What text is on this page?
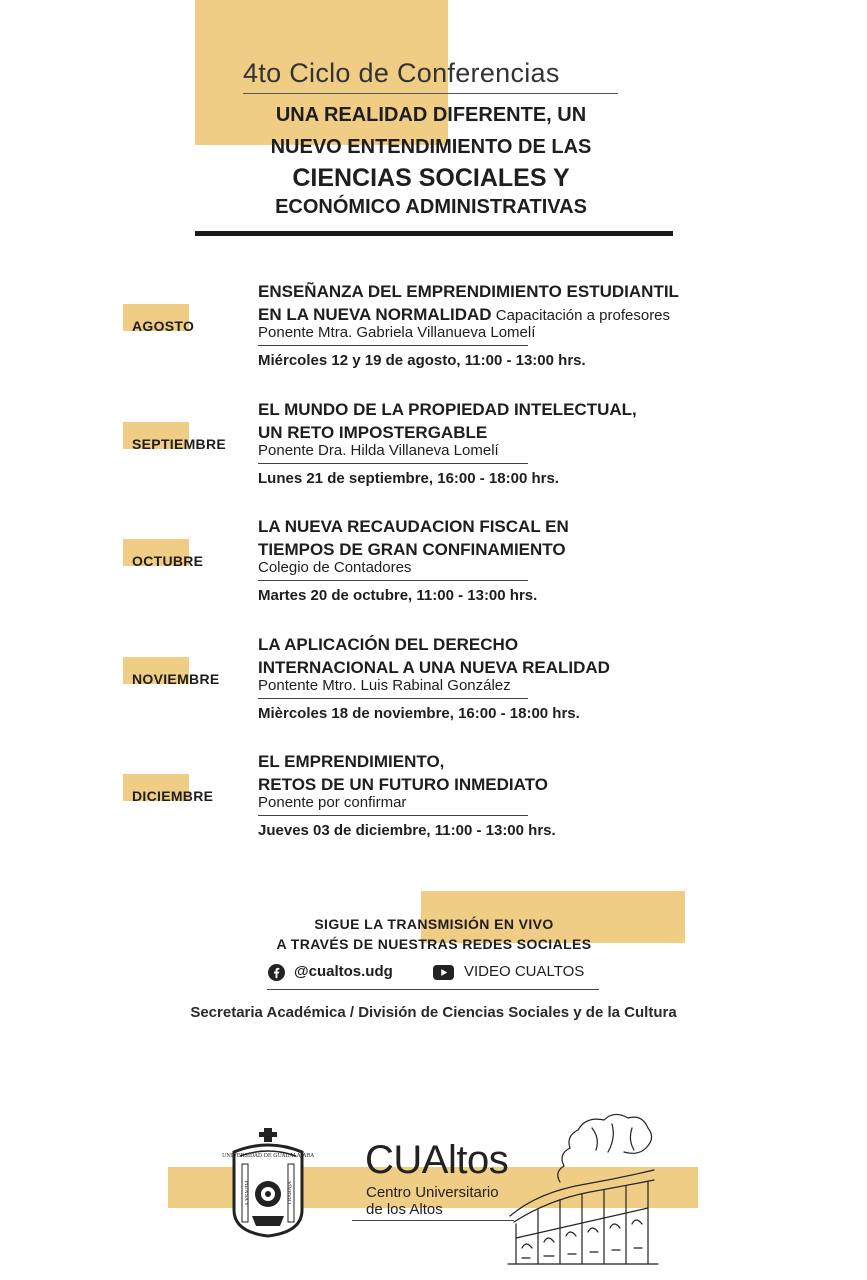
4to Ciclo de Conferencias
UNA REALIDAD DIFERENTE, UN
NUEVO ENTENDIMIENTO DE LAS
CIENCIAS SOCIALES Y
ECONÓMICO ADMINISTRATIVAS
AGOSTO
ENSEÑANZA DEL EMPRENDIMIENTO ESTUDIANTIL
EN LA NUEVA NORMALIDAD Capacitación a profesores
Ponente Mtra. Gabriela Villanueva Lomelí
Miércoles 12 y 19 de agosto, 11:00 - 13:00 hrs.
SEPTIEMBRE
EL MUNDO DE LA PROPIEDAD INTELECTUAL,
UN RETO IMPOSTERGABLE
Ponente Dra. Hilda Villaneva Lomelí
Lunes 21 de septiembre, 16:00 - 18:00 hrs.
OCTUBRE
LA NUEVA RECAUDACION FISCAL EN
TIEMPOS DE GRAN CONFINAMIENTO
Colegio de Contadores
Martes 20 de octubre, 11:00 - 13:00 hrs.
NOVIEMBRE
LA APLICACIÓN DEL DERECHO
INTERNACIONAL A UNA NUEVA REALIDAD
Pontente Mtro. Luis Rabinal González
Mièrcoles 18 de noviembre, 16:00 - 18:00 hrs.
DICIEMBRE
EL EMPRENDIMIENTO,
RETOS DE UN FUTURO INMEDIATO
Ponente por confirmar
Jueves 03 de diciembre, 11:00 - 13:00 hrs.
SIGUE LA TRANSMISIÓN EN VIVO
A TRAVÉS DE NUESTRAS REDES SOCIALES
@cualtos.udg	VIDEO CUALTOS
Secretaria Académica / División de Ciencias Sociales y de la Cultura
UNIVERSIDAD DE GUADALAJARA
PIENSA Y	TRABAJA
CUAltos
Centro Universitario
de los Altos
